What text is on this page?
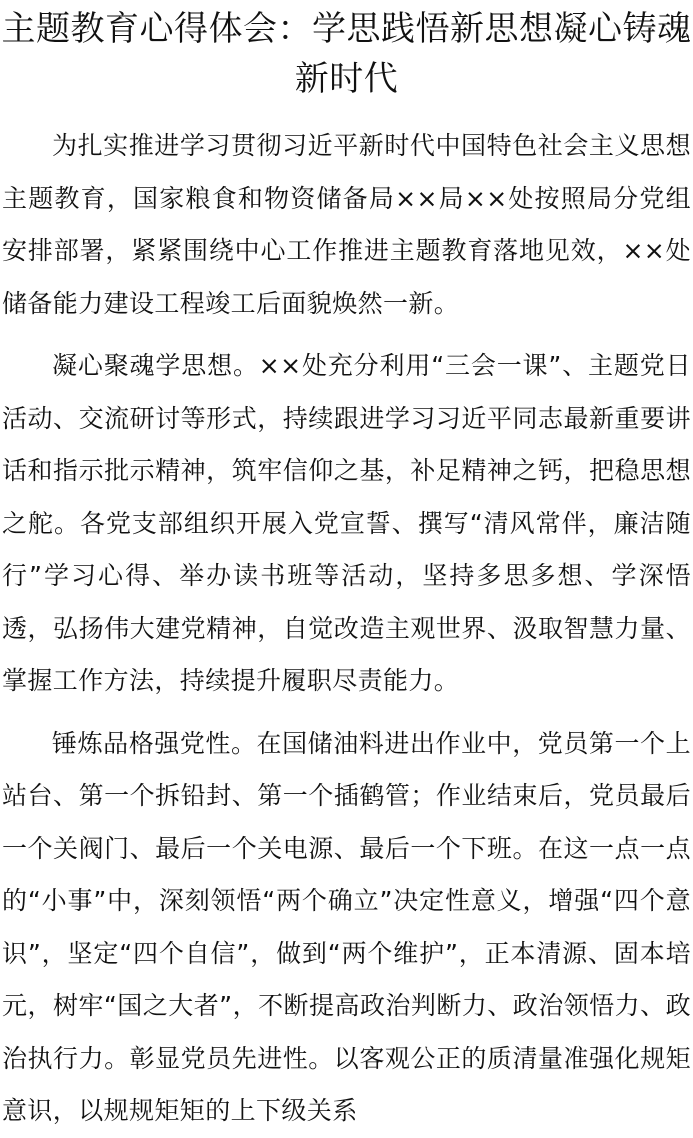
主题教育心得体会：学思践悟新思想凝心铸魂新时代

为扎实推进学习贯彻习近平新时代中国特色社会主义思想主题教育，国家粮食和物资储备局××局××处按照局分党组安排部署，紧紧围绕中心工作推进主题教育落地见效，××处储备能力建设工程竣工后面貌焕然一新。

凝心聚魂学思想。××处充分利用“三会一课”、主题党日活动、交流研讨等形式，持续跟进学习习近平同志最新重要讲话和指示批示精神，筑牢信仰之基，补足精神之钙，把稳思想之舵。各党支部组织开展入党宣誓、撰写“清风常伴，廉洁随行”学习心得、举办读书班等活动，坚持多思多想、学深悟透，弘扬伟大建党精神，自觉改造主观世界、汲取智慧力量、掌握工作方法，持续提升履职尽责能力。

锤炼品格强党性。在国储油料进出作业中，党员第一个上站台、第一个拆铅封、第一个插鹤管；作业结束后，党员最后一个关阀门、最后一个关电源、最后一个下班。在这一点一点的“小事”中，深刻领悟“两个确立”决定性意义，增强“四个意识”，坚定“四个自信”，做到“两个维护”，正本清源、固本培元，树牢“国之大者”，不断提高政治判断力、政治领悟力、政治执行力。彰显党员先进性。以客观公正的质清量准强化规矩意识，以规规矩矩的上下级关系
